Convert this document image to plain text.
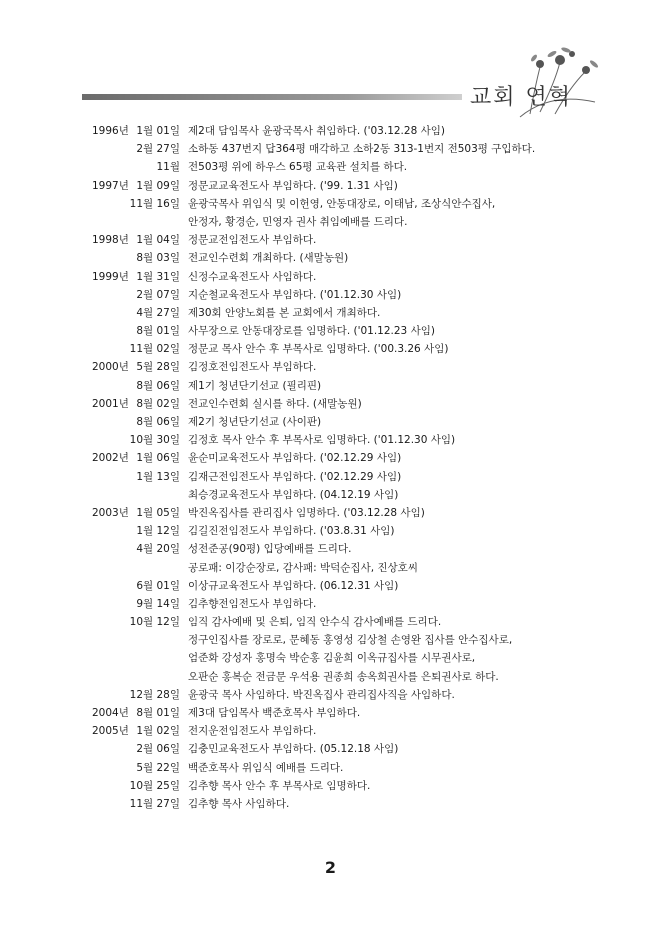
교회 연혁
1996년 1월 01일 제2대 담임목사 윤광국목사 취임하다. ('03.12.28 사임)
2월 27일 소하동 437번지 답364평 매각하고 소하2동 313-1번지 전503평 구입하다.
11월 전503평 위에 하우스 65평 교육관 설치를 하다.
1997년 1월 09일 정문교교육전도사 부임하다. ('99. 1.31 사임)
11월 16일 윤광국목사 위임식 및 이헌영, 안동대장로, 이태남, 조상식안수집사,
안정자, 황경순, 민영자 권사 취임예배를 드리다.
1998년 1월 04일 정문교전임전도사 부임하다.
8월 03일 전교인수련회 개최하다. (새말농원)
1999년 1월 31일 신정수교육전도사 사임하다.
2월 07일 지순철교육전도사 부임하다. ('01.12.30 사임)
4월 27일 제30회 안양노회를 본 교회에서 개최하다.
8월 01일 사무장으로 안동대장로를 임명하다. ('01.12.23 사임)
11월 02일 정문교 목사 안수 후 부목사로 임명하다. ('00.3.26 사임)
2000년 5월 28일 김정호전임전도사 부임하다.
8월 06일 제1기 청년단기선교 (필리핀)
2001년 8월 02일 전교인수련회 실시를 하다. (새말농원)
8월 06일 제2기 청년단기선교 (사이판)
10월 30일 김정호 목사 안수 후 부목사로 임명하다. ('01.12.30 사임)
2002년 1월 06일 윤순미교육전도사 부임하다. ('02.12.29 사임)
1월 13일 김재근전임전도사 부임하다. ('02.12.29 사임)
최승경교육전도사 부임하다. (04.12.19 사임)
2003년 1월 05일 박진옥집사를 관리집사 임명하다. ('03.12.28 사임)
1월 12일 김길진전임전도사 부임하다. ('03.8.31 사임)
4월 20일 성전준공(90평) 입당예배를 드리다.
공로패: 이강순장로, 감사패: 박덕순집사, 진상호씨
6월 01일 이상규교육전도사 부임하다. (06.12.31 사임)
9월 14일 김추향전임전도사 부임하다.
10월 12일 임직 감사예배 및 은퇴, 임직 안수식 감사예배를 드리다.
정구인집사를 장로로, 문혜동 홍영성 김상철 손영완 집사를 안수집사로,
엄준화 강성자 홍명숙 박순홍 김윤희 이옥규집사를 시무권사로,
오판순 홍복순 전금문 우석용 권종희 송옥희권사를 은퇴권사로 하다.
12월 28일 윤광국 목사 사임하다. 박진옥집사 관리집사직을 사임하다.
2004년 8월 01일 제3대 담임목사 백준호목사 부임하다.
2005년 1월 02일 전지운전임전도사 부임하다.
2월 06일 김충민교육전도사 부임하다. (05.12.18 사임)
5월 22일 백준호목사 위임식 예배를 드리다.
10월 25일 김추향 목사 안수 후 부목사로 임명하다.
11월 27일 김추향 목사 사임하다.
2
